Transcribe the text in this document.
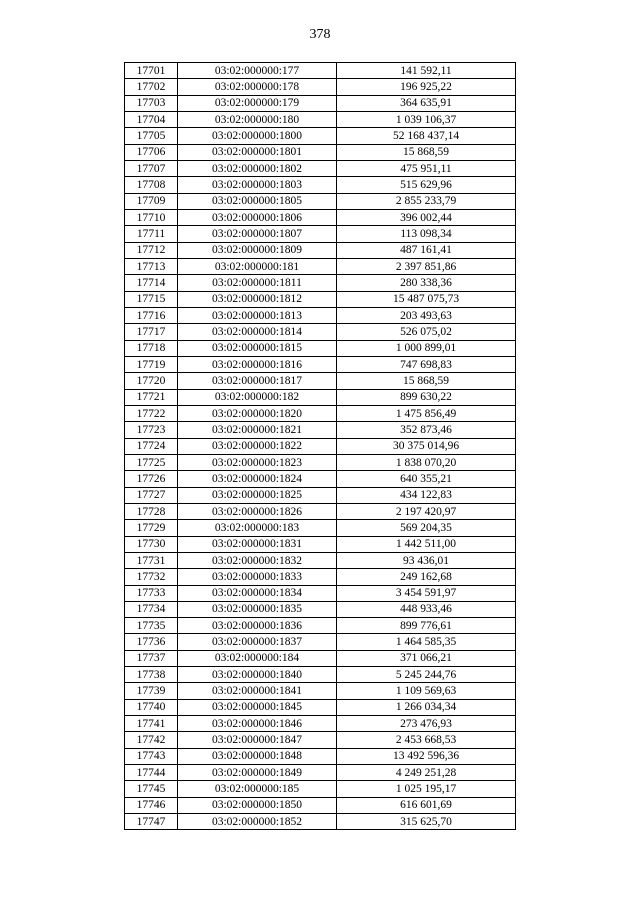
378
17701	03:02:000000:177	141 592,11
17702	03:02:000000:178	196 925,22
17703	03:02:000000:179	364 635,91
17704	03:02:000000:180	1 039 106,37
17705	03:02:000000:1800	52 168 437,14
17706	03:02:000000:1801	15 868,59
17707	03:02:000000:1802	475 951,11
17708	03:02:000000:1803	515 629,96
17709	03:02:000000:1805	2 855 233,79
17710	03:02:000000:1806	396 002,44
17711	03:02:000000:1807	113 098,34
17712	03:02:000000:1809	487 161,41
17713	03:02:000000:181	2 397 851,86
17714	03:02:000000:1811	280 338,36
17715	03:02:000000:1812	15 487 075,73
17716	03:02:000000:1813	203 493,63
17717	03:02:000000:1814	526 075,02
17718	03:02:000000:1815	1 000 899,01
17719	03:02:000000:1816	747 698,83
17720	03:02:000000:1817	15 868,59
17721	03:02:000000:182	899 630,22
17722	03:02:000000:1820	1 475 856,49
17723	03:02:000000:1821	352 873,46
17724	03:02:000000:1822	30 375 014,96
17725	03:02:000000:1823	1 838 070,20
17726	03:02:000000:1824	640 355,21
17727	03:02:000000:1825	434 122,83
17728	03:02:000000:1826	2 197 420,97
17729	03:02:000000:183	569 204,35
17730	03:02:000000:1831	1 442 511,00
17731	03:02:000000:1832	93 436,01
17732	03:02:000000:1833	249 162,68
17733	03:02:000000:1834	3 454 591,97
17734	03:02:000000:1835	448 933,46
17735	03:02:000000:1836	899 776,61
17736	03:02:000000:1837	1 464 585,35
17737	03:02:000000:184	371 066,21
17738	03:02:000000:1840	5 245 244,76
17739	03:02:000000:1841	1 109 569,63
17740	03:02:000000:1845	1 266 034,34
17741	03:02:000000:1846	273 476,93
17742	03:02:000000:1847	2 453 668,53
17743	03:02:000000:1848	13 492 596,36
17744	03:02:000000:1849	4 249 251,28
17745	03:02:000000:185	1 025 195,17
17746	03:02:000000:1850	616 601,69
17747	03:02:000000:1852	315 625,70
